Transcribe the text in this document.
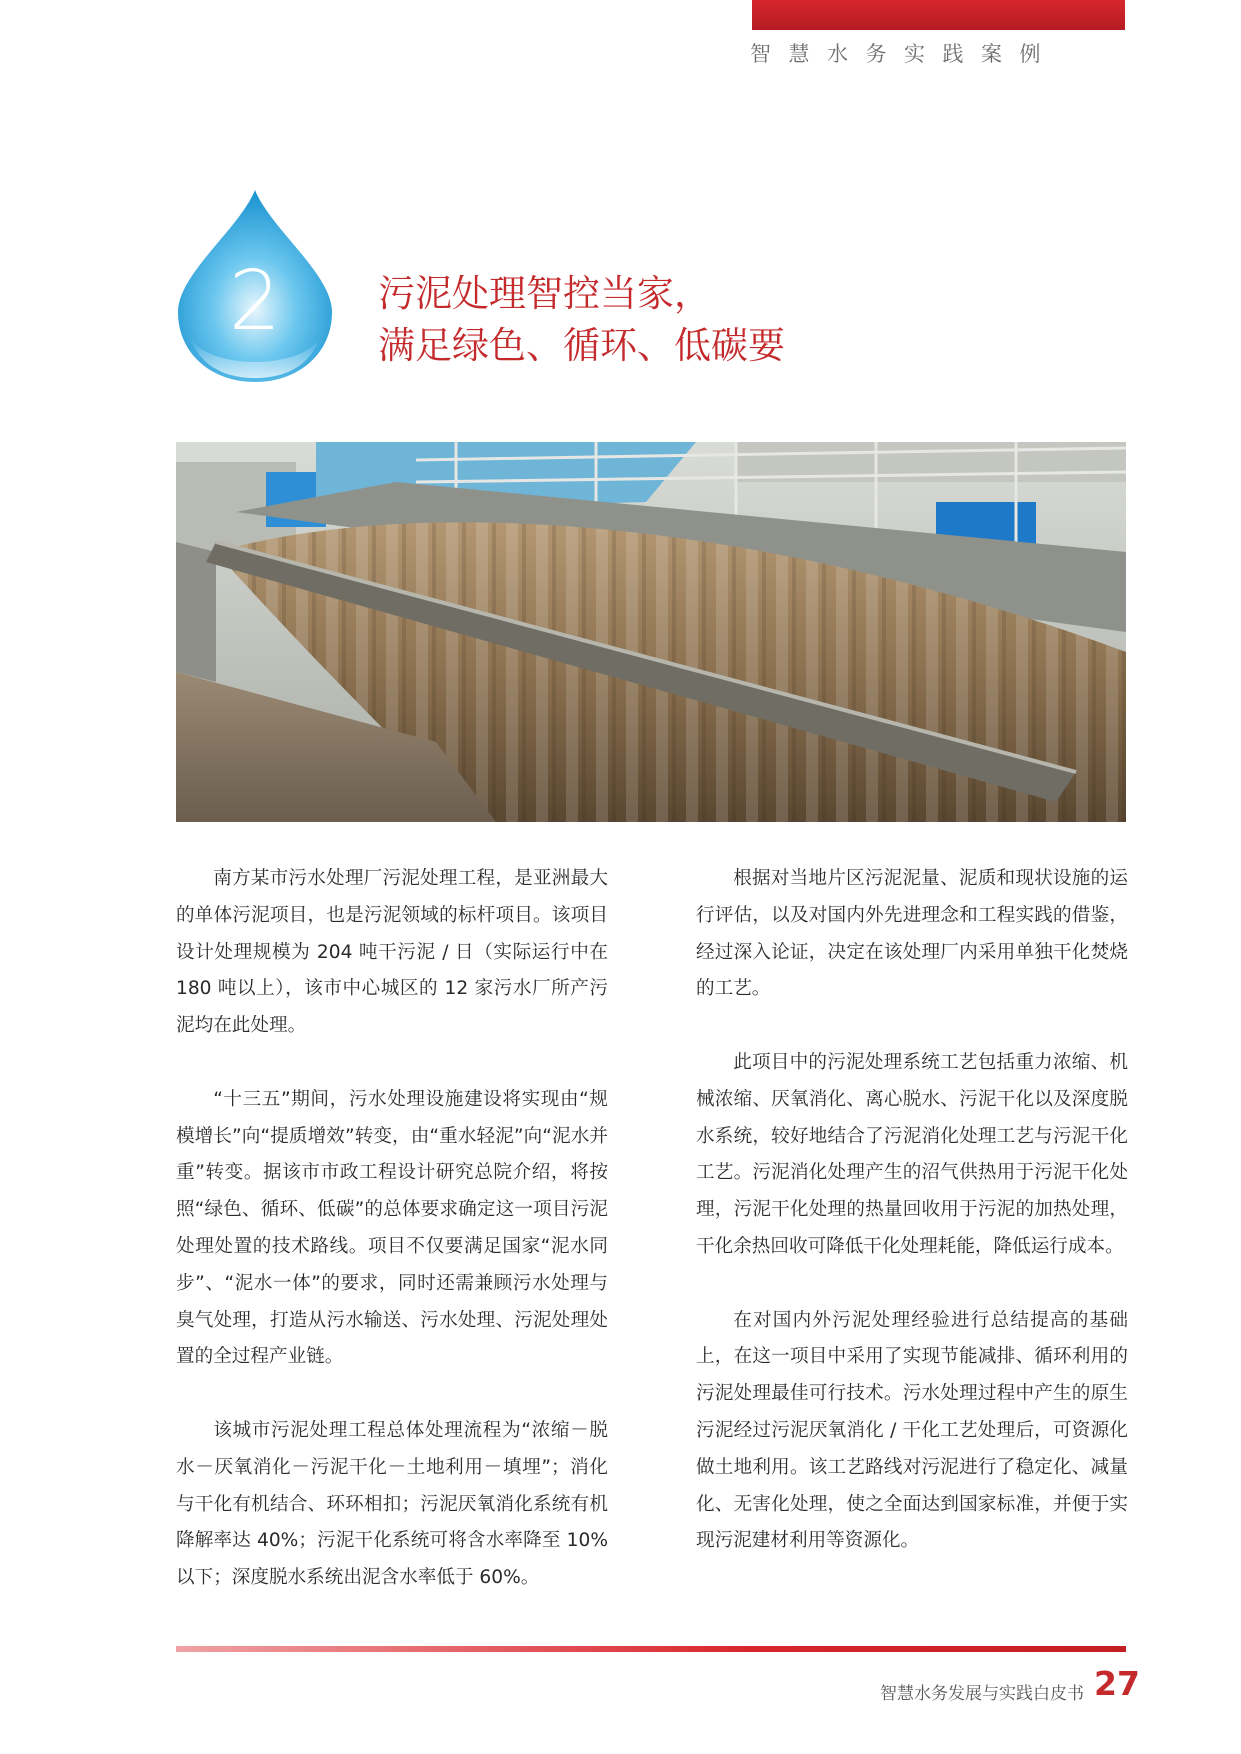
智慧水务实践案例
2	污泥处理智控当家，
满足绿色、循环、低碳要

南方某市污水处理厂污泥处理工程，是亚洲最大的单体污泥项目，也是污泥领域的标杆项目。该项目设计处理规模为 204 吨干污泥 / 日（实际运行中在 180 吨以上），该市中心城区的 12 家污水厂所产污泥均在此处理。

“十三五”期间，污水处理设施建设将实现由“规模增长”向“提质增效”转变，由“重水轻泥”向“泥水并重”转变。据该市市政工程设计研究总院介绍，将按照“绿色、循环、低碳”的总体要求确定这一项目污泥处理处置的技术路线。项目不仅要满足国家“泥水同步”、“泥水一体”的要求，同时还需兼顾污水处理与臭气处理，打造从污水输送、污水处理、污泥处理处置的全过程产业链。

该城市污泥处理工程总体处理流程为“浓缩－脱水－厌氧消化－污泥干化－土地利用－填埋”；消化与干化有机结合、环环相扣；污泥厌氧消化系统有机降解率达 40%；污泥干化系统可将含水率降至 10% 以下；深度脱水系统出泥含水率低于 60%。

根据对当地片区污泥泥量、泥质和现状设施的运行评估，以及对国内外先进理念和工程实践的借鉴，经过深入论证，决定在该处理厂内采用单独干化焚烧的工艺。

此项目中的污泥处理系统工艺包括重力浓缩、机械浓缩、厌氧消化、离心脱水、污泥干化以及深度脱水系统，较好地结合了污泥消化处理工艺与污泥干化工艺。污泥消化处理产生的沼气供热用于污泥干化处理，污泥干化处理的热量回收用于污泥的加热处理，干化余热回收可降低干化处理耗能，降低运行成本。

在对国内外污泥处理经验进行总结提高的基础上，在这一项目中采用了实现节能减排、循环利用的污泥处理最佳可行技术。污水处理过程中产生的原生污泥经过污泥厌氧消化 / 干化工艺处理后，可资源化做土地利用。该工艺路线对污泥进行了稳定化、减量化、无害化处理，使之全面达到国家标准，并便于实现污泥建材利用等资源化。

智慧水务发展与实践白皮书 27
